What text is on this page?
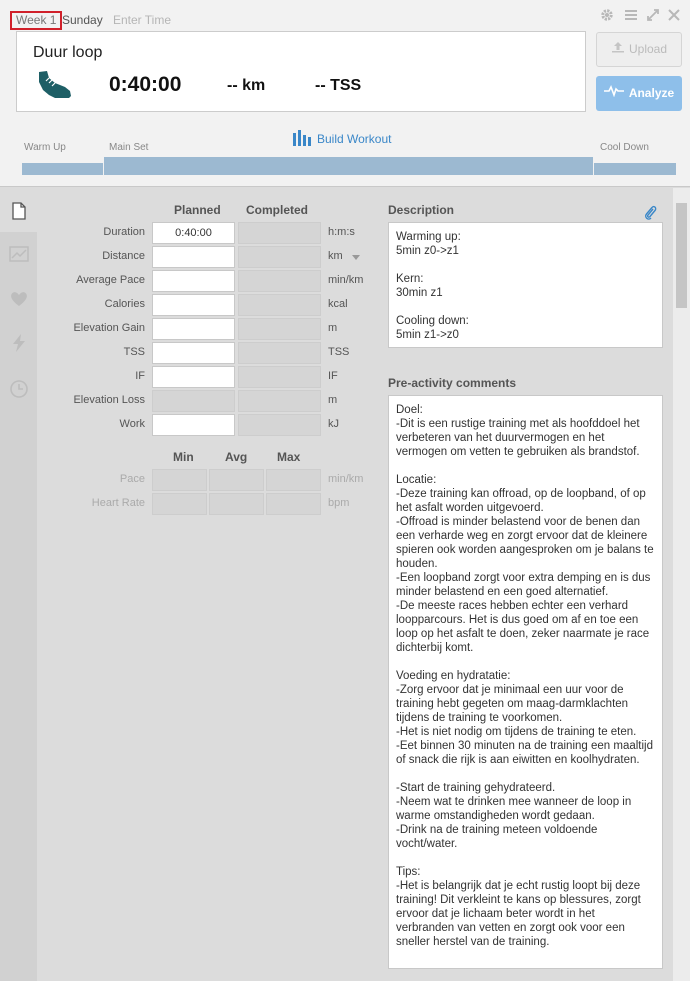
Week 1 Sunday Enter Time
Duur loop
0:40:00	-- km	-- TSS
Upload
Analyze
Warm Up	Main Set	Cool Down
Build Workout
Planned Completed
Duration	0:40:00	h:m:s
Distance	km
Average Pace	min/km
Calories	kcal
Elevation Gain	m
TSS	TSS
IF	IF
Elevation Loss	m
Work	kJ
Min	Avg Max
Pace	min/km
Heart Rate	bpm
Description
Warming up:
5min z0->z1

Kern:
30min z1

Cooling down:
5min z1->z0
Pre-activity comments
Doel:
-Dit is een rustige training met als hoofddoel het verbeteren van het duurvermogen en het vermogen om vetten te gebruiken als brandstof.

Locatie:
-Deze training kan offroad, op de loopband, of op het asfalt worden uitgevoerd.
-Offroad is minder belastend voor de benen dan een verharde weg en zorgt ervoor dat de kleinere spieren ook worden aangesproken om je balans te houden.
-Een loopband zorgt voor extra demping en is dus minder belastend en een goed alternatief.
-De meeste races hebben echter een verhard loopparcours. Het is dus goed om af en toe een loop op het asfalt te doen, zeker naarmate je race dichterbij komt.

Voeding en hydratatie:
-Zorg ervoor dat je minimaal een uur voor de training hebt gegeten om maag-darmklachten tijdens de training te voorkomen.
-Het is niet nodig om tijdens de training te eten.
-Eet binnen 30 minuten na de training een maaltijd of snack die rijk is aan eiwitten en koolhydraten.

-Start de training gehydrateerd.
-Neem wat te drinken mee wanneer de loop in warme omstandigheden wordt gedaan.
-Drink na de training meteen voldoende vocht/water.

Tips:
-Het is belangrijk dat je echt rustig loopt bij deze training! Dit verkleint te kans op blessures, zorgt ervoor dat je lichaam beter wordt in het verbranden van vetten en zorgt ook voor een sneller herstel van de training.
